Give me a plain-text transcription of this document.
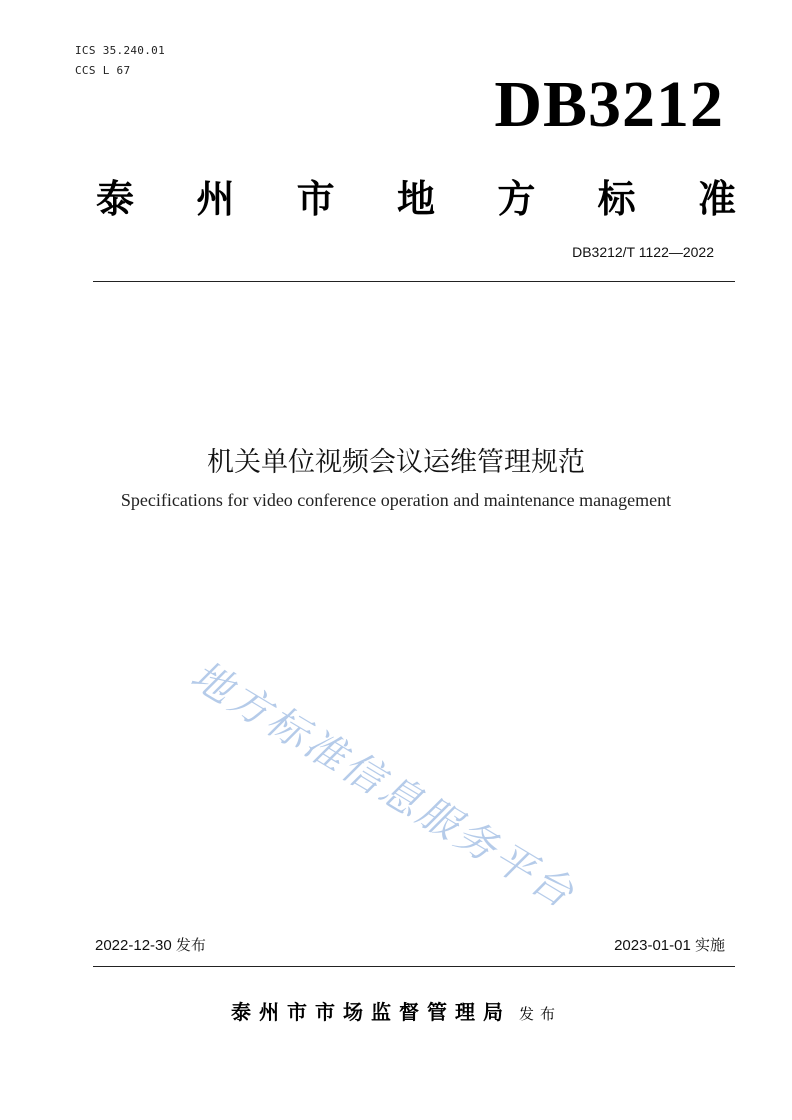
ICS 35.240.01
CCS L 67	DB3212
泰 州 市 地 方 标 准
DB3212/T 1122—2022
机关单位视频会议运维管理规范
Specifications for video conference operation and maintenance management
地方标准信息服务平台
2022-12-30 发布	2023-01-01 实施
泰州市市场监督管理局 发布
